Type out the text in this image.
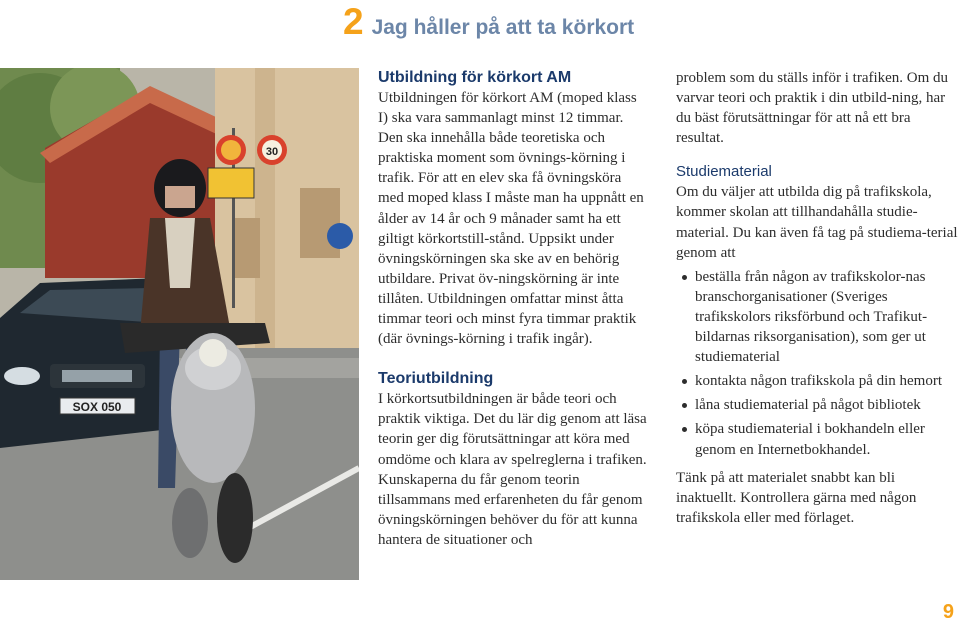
2 Jag håller på att ta körkort
30
SOX 050
Utbildning för körkort AM

Utbildningen för körkort AM (moped klass I) ska vara sammanlagt minst 12 timmar. Den ska innehålla både teoretiska och praktiska moment som övnings-körning i trafik. För att en elev ska få övningsköra med moped klass I måste man ha uppnått en ålder av 14 år och 9 månader samt ha ett giltigt körkortstill-stånd. Uppsikt under övningskörningen ska ske av en behörig utbildare. Privat öv-ningskörning är inte tillåten. Utbildningen omfattar minst åtta timmar teori och minst fyra timmar praktik (där övnings-körning i trafik ingår).

Teoriutbildning

I körkortsutbildningen är både teori och praktik viktiga. Det du lär dig genom att läsa teorin ger dig förutsättningar att köra med omdöme och klara av spelreglerna i trafiken. Kunskaperna du får genom teorin tillsammans med erfarenheten du får genom övningskörningen behöver du för att kunna hantera de situationer och

problem som du ställs inför i trafiken. Om du varvar teori och praktik i din utbild-ning, har du bäst förutsättningar för att nå ett bra resultat.

Studiematerial

Om du väljer att utbilda dig på trafikskola, kommer skolan att tillhandahålla studie-material. Du kan även få tag på studiema-terial genom att

beställa från någon av trafikskolor-nas branschorganisationer (Sveriges trafikskolors riksförbund och Trafikut-bildarnas riksorganisation), som ger ut studiematerial
kontakta någon trafikskola på din hemort
låna studiematerial på något bibliotek
köpa studiematerial i bokhandeln eller genom en Internetbokhandel.

Tänk på att materialet snabbt kan bli inaktuellt. Kontrollera gärna med någon trafikskola eller med förlaget.

9
